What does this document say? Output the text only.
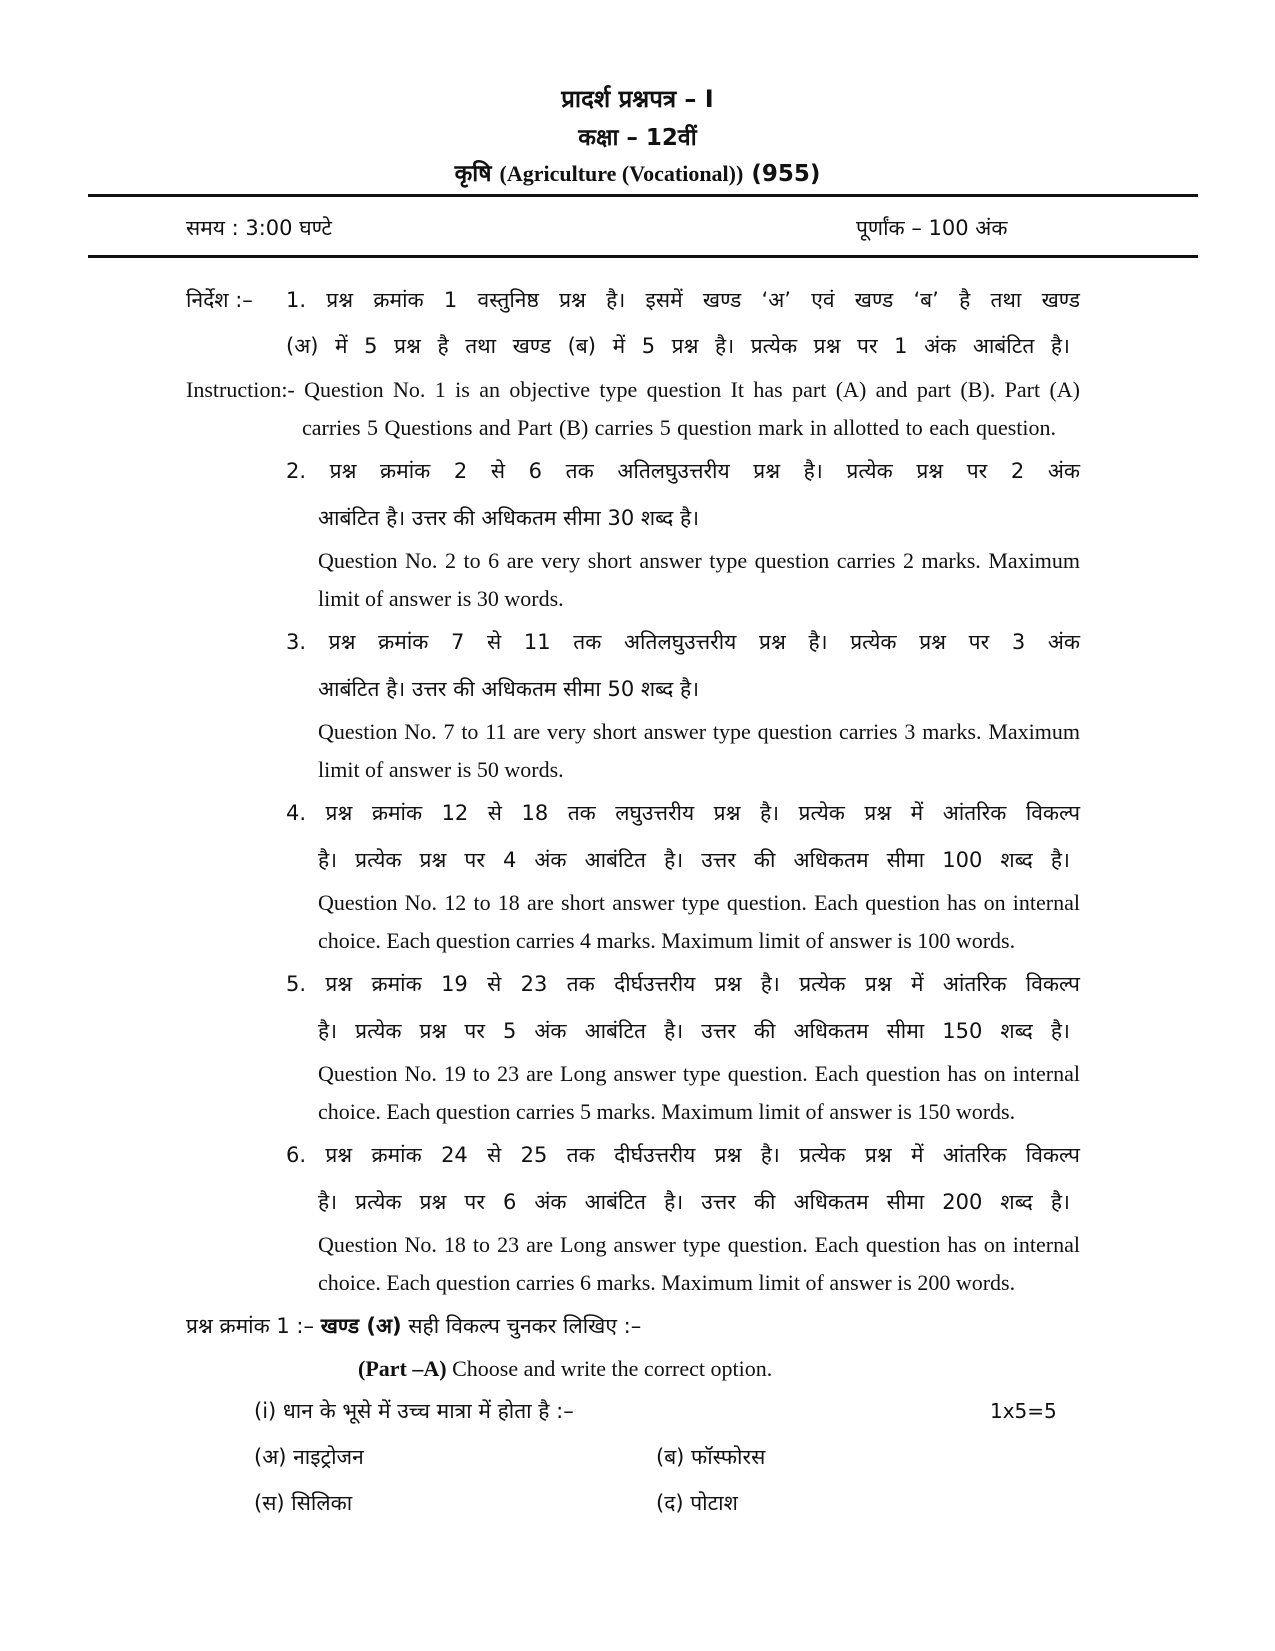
प्रादर्श प्रश्नपत्र – I
कक्षा – 12वीं
कृषि (Agriculture (Vocational)) (955)
समय : 3:00 घण्टे	पूर्णांक – 100 अंक
निर्देश :– 1. प्रश्न क्रमांक 1 वस्तुनिष्ठ प्रश्न है। इसमें खण्ड ‘अ’ एवं खण्ड ‘ब’ है तथा खण्ड
(अ) में 5 प्रश्न है तथा खण्ड (ब) में 5 प्रश्न है। प्रत्येक प्रश्न पर 1 अंक आबंटित है।
Instruction:- Question No. 1 is an objective type question It has part (A) and part (B). Part (A)
carries 5 Questions and Part (B) carries 5 question mark in allotted to each question.
2. प्रश्न क्रमांक 2 से 6 तक अतिलघुउत्तरीय प्रश्न है। प्रत्येक प्रश्न पर 2 अंक
आबंटित है। उत्तर की अधिकतम सीमा 30 शब्द है।
Question No. 2 to 6 are very short answer type question carries 2 marks. Maximum
limit of answer is 30 words.
3. प्रश्न क्रमांक 7 से 11 तक अतिलघुउत्तरीय प्रश्न है। प्रत्येक प्रश्न पर 3 अंक
आबंटित है। उत्तर की अधिकतम सीमा 50 शब्द है।
Question No. 7 to 11 are very short answer type question carries 3 marks. Maximum
limit of answer is 50 words.
4. प्रश्न क्रमांक 12 से 18 तक लघुउत्तरीय प्रश्न है। प्रत्येक प्रश्न में आंतरिक विकल्प
है। प्रत्येक प्रश्न पर 4 अंक आबंटित है। उत्तर की अधिकतम सीमा 100 शब्द है।
Question No. 12 to 18 are short answer type question. Each question has on internal
choice. Each question carries 4 marks. Maximum limit of answer is 100 words.
5. प्रश्न क्रमांक 19 से 23 तक दीर्घउत्तरीय प्रश्न है। प्रत्येक प्रश्न में आंतरिक विकल्प
है। प्रत्येक प्रश्न पर 5 अंक आबंटित है। उत्तर की अधिकतम सीमा 150 शब्द है।
Question No. 19 to 23 are Long answer type question. Each question has on internal
choice. Each question carries 5 marks. Maximum limit of answer is 150 words.
6. प्रश्न क्रमांक 24 से 25 तक दीर्घउत्तरीय प्रश्न है। प्रत्येक प्रश्न में आंतरिक विकल्प
है। प्रत्येक प्रश्न पर 6 अंक आबंटित है। उत्तर की अधिकतम सीमा 200 शब्द है।
Question No. 18 to 23 are Long answer type question. Each question has on internal
choice. Each question carries 6 marks. Maximum limit of answer is 200 words.
प्रश्न क्रमांक 1 :– खण्ड (अ) सही विकल्प चुनकर लिखिए :–
(Part –A) Choose and write the correct option.
(i) धान के भूसे में उच्च मात्रा में होता है :–	1x5=5
(अ) नाइट्रोजन	(ब) फॉस्फोरस
(स) सिलिका	(द) पोटाश
